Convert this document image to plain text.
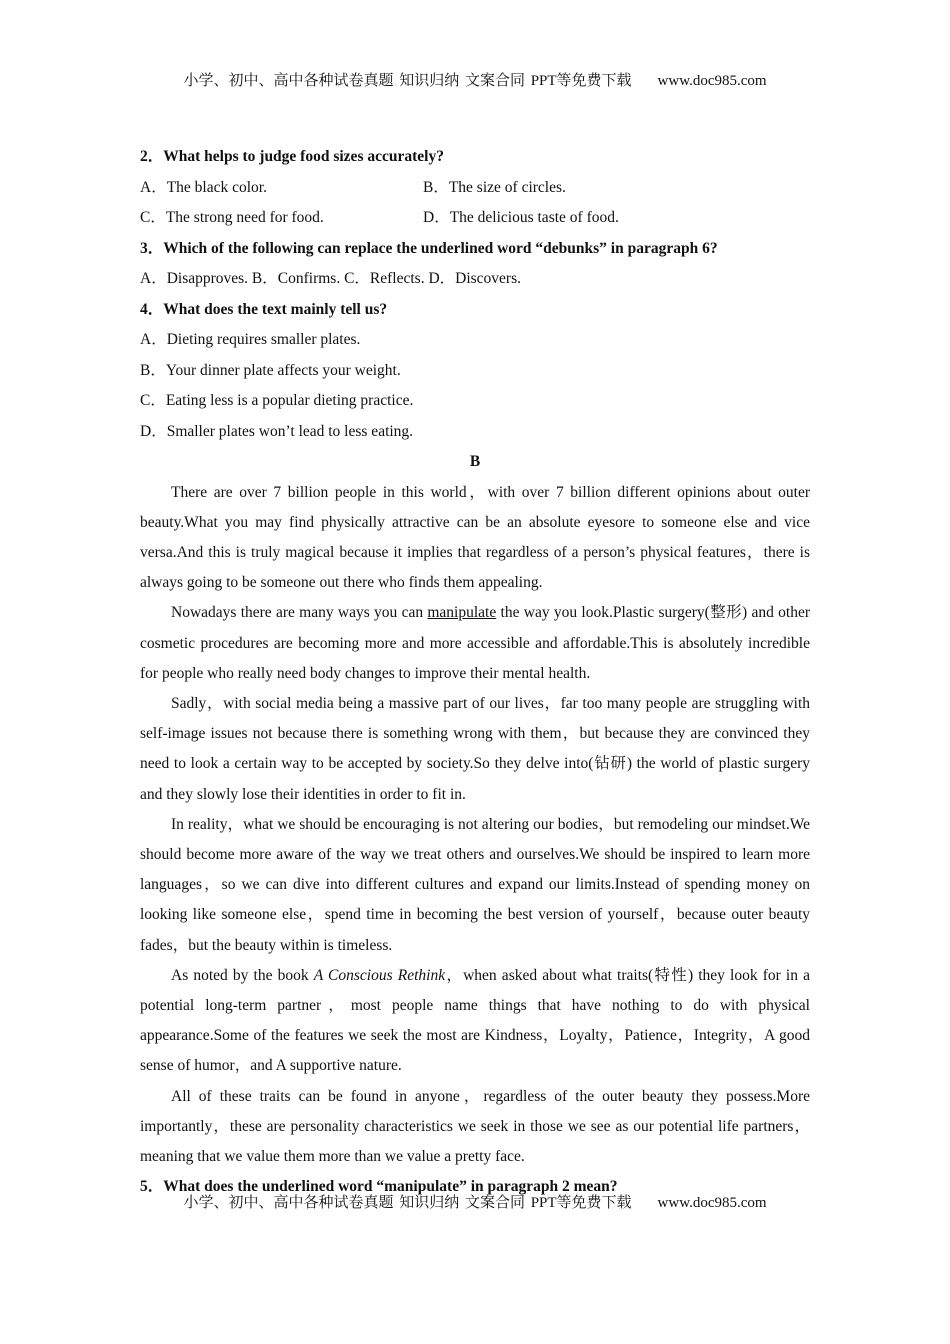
小学、初中、高中各种试卷真题 知识归纳 文案合同 PPT等免费下载 www.doc985.com
2．What helps to judge food sizes accurately?
A．The black color.	B．The size of circles.
C．The strong need for food.	D．The delicious taste of food.
3．Which of the following can replace the underlined word “debunks” in paragraph 6?
A．Disapproves. B．Confirms. C．Reflects. D．Discovers.
4．What does the text mainly tell us?
A．Dieting requires smaller plates.
B．Your dinner plate affects your weight.
C．Eating less is a popular dieting practice.
D．Smaller plates won’t lead to less eating.
B

There are over 7 billion people in this world，with over 7 billion different opinions about outer beauty.What you may find physically attractive can be an absolute eyesore to someone else and vice versa.And this is truly magical because it implies that regardless of a person’s physical features，there is always going to be someone out there who finds them appealing.

Nowadays there are many ways you can manipulate the way you look.Plastic surgery(整形) and other cosmetic procedures are becoming more and more accessible and affordable.This is absolutely incredible for people who really need body changes to improve their mental health.

Sadly，with social media being a massive part of our lives，far too many people are struggling with self-image issues not because there is something wrong with them，but because they are convinced they need to look a certain way to be accepted by society.So they delve into(钻研) the world of plastic surgery and they slowly lose their identities in order to fit in.

In reality，what we should be encouraging is not altering our bodies，but remodeling our mindset.We should become more aware of the way we treat others and ourselves.We should be inspired to learn more languages，so we can dive into different cultures and expand our limits.Instead of spending money on looking like someone else，spend time in becoming the best version of yourself，because outer beauty fades，but the beauty within is timeless.

As noted by the book A Conscious Rethink，when asked about what traits(特性) they look for in a potential long-term partner，most people name things that have nothing to do with physical appearance.Some of the features we seek the most are Kindness，Loyalty，Patience，Integrity，A good sense of humor，and A supportive nature.

All of these traits can be found in anyone，regardless of the outer beauty they possess.More importantly，these are personality characteristics we seek in those we see as our potential life partners，meaning that we value them more than we value a pretty face.

5．What does the underlined word “manipulate” in paragraph 2 mean?
小学、初中、高中各种试卷真题 知识归纳 文案合同 PPT等免费下载 www.doc985.com
